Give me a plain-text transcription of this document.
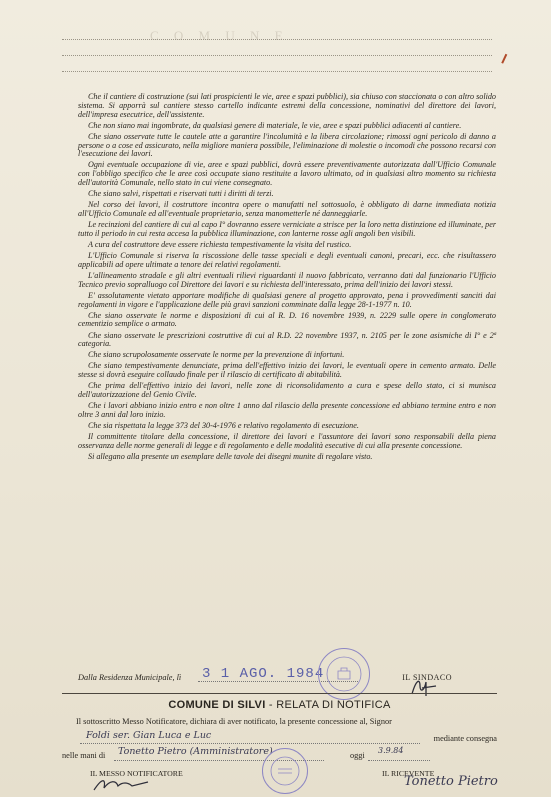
C O M U N E

Che il cantiere di costruzione (sui lati prospicienti le vie, aree e spazi pubblici), sia chiuso con staccionata o con altro solido sistema. Si apporrà sul cantiere stesso cartello indicante estremi della concessione, nominativi del direttore dei lavori, dell'impresa esecutrice, dell'assistente.

Che non siano mai ingombrate, da qualsiasi genere di materiale, le vie, aree e spazi pubblici adiacenti al cantiere.

Che siano osservate tutte le cautele atte a garantire l'incolumità e la libera circolazione; rimossi ogni pericolo di danno a persone o a cose ed assicurato, nella migliore maniera possibile, l'eliminazione di molestie o incomodi che possono recarsi con l'esecuzione dei lavori.

Ogni eventuale occupazione di vie, aree e spazi pubblici, dovrà essere preventivamente autorizzata dall'Ufficio Comunale con l'obbligo specifico che le aree così occupate siano restituite a lavoro ultimato, od in qualsiasi altro momento su richiesta dell'autorità Comunale, nello stato in cui viene consegnato.

Che siano salvi, rispettati e riservati tutti i diritti di terzi.

Nel corso dei lavori, il costruttore incontra opere o manufatti nel sottosuolo, è obbligato di darne immediata notizia all'Ufficio Comunale ed all'eventuale proprietario, senza manometterle né danneggiarle.

Le recinzioni del cantiere di cui al capo I° dovranno essere verniciate a strisce per la loro netta distinzione ed illuminate, per tutto il periodo in cui resta accesa la pubblica illuminazione, con lanterne rosse agli angoli ben visibili.

A cura del costruttore deve essere richiesta tempestivamente la visita del rustico.

L'Ufficio Comunale si riserva la riscossione delle tasse speciali e degli eventuali canoni, precari, ecc. che risultassero applicabili ad opere ultimate a tenore dei relativi regolamenti.

L'allineamento stradale e gli altri eventuali rilievi riguardanti il nuovo fabbricato, verranno dati dal funzionario l'Ufficio Tecnico previo sopralluogo col Direttore dei lavori e su richiesta dell'interessato, prima dell'inizio dei lavori stessi.

E' assolutamente vietato apportare modifiche di qualsiasi genere al progetto approvato, pena i provvedimenti sanciti dai regolamenti in vigore e l'applicazione delle più gravi sanzioni comminate dalla legge 28-1-1977 n. 10.

Che siano osservate le norme e disposizioni di cui al R. D. 16 novembre 1939, n. 2229 sulle opere in conglomerato cementizio semplice o armato.

Che siano osservate le prescrizioni costruttive di cui al R.D. 22 novembre 1937, n. 2105 per le zone asismiche di I° e 2ª categoria.

Che siano scrupolosamente osservate le norme per la prevenzione di infortuni.

Che siano tempestivamente denunciate, prima dell'effettivo inizio dei lavori, le eventuali opere in cemento armato. Delle stesse si dovrà eseguire collaudo finale per il rilascio di certificato di abitabilità.

Che prima dell'effettivo inizio dei lavori, nelle zone di riconsolidamento a cura e spese dello stato, ci si munisca dell'autorizzazione del Genio Civile.

Che i lavori abbiano inizio entro e non oltre 1 anno dal rilascio della presente concessione ed abbiano termine entro e non oltre 3 anni dal loro inizio.

Che sia rispettata la legge 373 del 30-4-1976 e relativo regolamento di esecuzione.

Il committente titolare della concessione, il direttore dei lavori e l'assuntore dei lavori sono responsabili della piena osservanza delle norme generali di legge e di regolamento e delle modalità esecutive di cui alla presente concessione.

Si allegano alla presente un esemplare delle tavole dei disegni munite di regolare visto.

Dalla Residenza Municipale, lì 3 1 AGO. 1984	IL SINDACO
COMUNE DI SILVI - RELATA DI NOTIFICA
Il sottoscritto Messo Notificatore, dichiara di aver notificato, la presente concessione al, Signor
Foldi ser. Gian Luca e Luc	mediante consegna
nelle mani di Tonetto Pietro (Amministratore)	oggi
3.9.84
IL MESSO NOTIFICATORE	IL RICEVENTE
Tonetto Pietro
